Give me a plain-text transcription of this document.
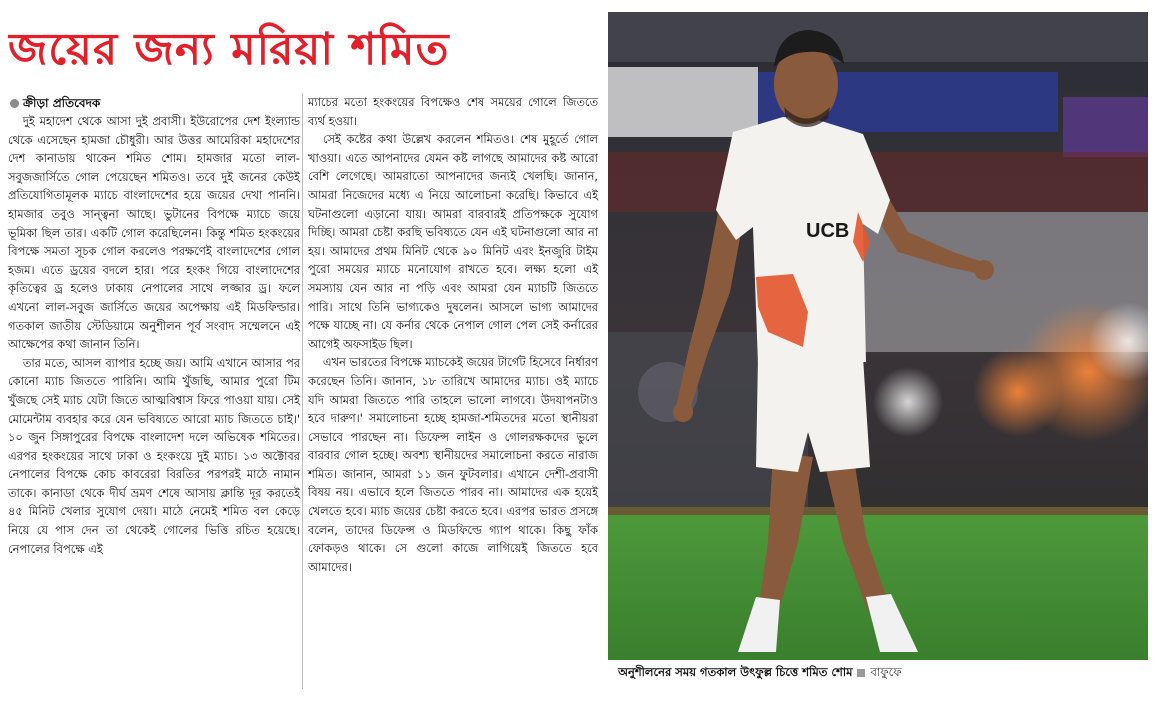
জয়ের জন্য মরিয়া শমিত
ক্রীড়া প্রতিবেদক

দুই মহাদেশ থেকে আসা দুই প্রবাসী। ইউরোপের দেশ ইংল্যান্ড থেকে এসেছেন হামজা চৌধুরী। আর উত্তর আমেরিকা মহাদেশের দেশ কানাডায় থাকেন শমিত শোম। হামজার মতো লাল-সবুজজার্সিতে গোল পেয়েছেন শমিতও। তবে দুই জনের কেউই প্রতিযোগিতামূলক ম্যাচে বাংলাদেশের হয়ে জয়ের দেখা পাননি। হামজার তবুও সান্ত্বনা আছে। ভুটানের বিপক্ষে ম্যাচে জয়ে ভূমিকা ছিল তার। একটি গোল করেছিলেন। কিন্তু শমিত হংকংয়ের বিপক্ষে সমতা সূচক গোল করলেও পরক্ষণেই বাংলাদেশের গোল হজম। এতে ড্রয়ের বদলে হার। পরে হংকং গিয়ে বাংলাদেশের কৃতিত্বের ড্র হলেও ঢাকায় নেপালের সাথে লজ্জার ড্র। ফলে এখনো লাল-সবুজ জার্সিতে জয়ের অপেক্ষায় এই মিডফিল্ডার। গতকাল জাতীয় স্টেডিয়ামে অনুশীলন পূর্ব সংবাদ সম্মেলনে এই আক্ষেপের কথা জানান তিনি।

তার মতে, আসল ব্যাপার হচ্ছে জয়। আমি এখানে আসার পর কোনো ম্যাচ জিততে পারিনি। আমি খুঁজছি, আমার পুরো টিম খুঁজছে সেই ম্যাচ যেটা জিতে আত্মবিশ্বাস ফিরে পাওয়া যায়। সেই মোমেন্টাম ব্যবহার করে যেন ভবিষ্যতে আরো ম্যাচ জিততে চাই।' ১০ জুন সিঙ্গাপুরের বিপক্ষে বাংলাদেশ দলে অভিষেক শমিতের। এরপর হংকংয়ের সাথে ঢাকা ও হংকংয়ে দুই ম্যাচ। ১৩ অক্টোবর নেপালের বিপক্ষে কোচ কাবরেরা বিরতির পরপরই মাঠে নামান তাকে। কানাডা থেকে দীর্ঘ ভ্রমণ শেষে আসায় ক্লান্তি দূর করতেই ৪৫ মিনিট খেলার সুযোগ দেয়া। মাঠে নেমেই শমিত বল কেড়ে নিয়ে যে পাস দেন তা থেকেই গোলের ভিত্তি রচিত হয়েছে। নেপালের বিপক্ষে এই

ম্যাচের মতো হংকংয়ের বিপক্ষেও শেষ সময়ের গোলে জিততে ব্যর্থ হওয়া।

সেই কষ্টের কথা উল্লেখ করলেন শমিতও। শেষ মুহূর্তে গোল খাওয়া। এতে আপনাদের যেমন কষ্ট লাগছে আমাদের কষ্ট আরো বেশি লেগেছে। আমরাতো আপনাদের জন্যই খেলছি। জানান, আমরা নিজেদের মধ্যে এ নিয়ে আলোচনা করেছি। কিভাবে এই ঘটনাগুলো এড়ানো যায়। আমরা বারবারই প্রতিপক্ষকে সুযোগ দিচ্ছি। আমরা চেষ্টা করছি ভবিষ্যতে যেন এই ঘটনাগুলো আর না হয়। আমাদের প্রথম মিনিট থেকে ৯০ মিনিট এবং ইনজুরি টাইম পুরো সময়ের ম্যাচে মনোযোগ রাখতে হবে। লক্ষ্য হলো এই সমস্যায় যেন আর না পড়ি এবং আমরা যেন ম্যাচটি জিততে পারি। সাথে তিনি ভাগ্যকেও দুষলেন। আসলে ভাগ্য আমাদের পক্ষে যাচ্ছে না। যে কর্নার থেকে নেপাল গোল পেল সেই কর্নারের আগেই অফসাইড ছিল।

এখন ভারতের বিপক্ষে ম্যাচকেই জয়ের টার্গেট হিসেবে নির্ধারণ করেছেন তিনি। জানান, ১৮ তারিখে আমাদের ম্যাচ। ওই ম্যাচে যদি আমরা জিততে পারি তাহলে ভালো লাগবে। উদযাপনটাও হবে দারুণ।' সমালোচনা হচ্ছে হামজা-শমিতদের মতো স্থানীয়রা সেভাবে পারছেন না। ডিফেন্স লাইন ও গোলরক্ষকদের ভুলে বারবার গোল হচ্ছে। অবশ্য স্থানীয়দের সমালোচনা করতে নারাজ শমিত। জানান, আমরা ১১ জন ফুটবলার। এখানে দেশী-প্রবাসী বিষয় নয়। এভাবে হলে জিততে পারব না। আমাদের এক হয়েই খেলতে হবে। ম্যাচ জয়ের চেষ্টা করতে হবে। এরপর ভারত প্রসঙ্গে বলেন, তাদের ডিফেন্স ও মিডফিল্ডে গ্যাপ থাকে। কিছু ফাঁক ফোকড়ও থাকে। সে গুলো কাজে লাগিয়েই জিততে হবে আমাদের।

UCB
অনুশীলনের সময় গতকাল উৎফুল্ল চিত্তে শমিত শোম বাফুফে
